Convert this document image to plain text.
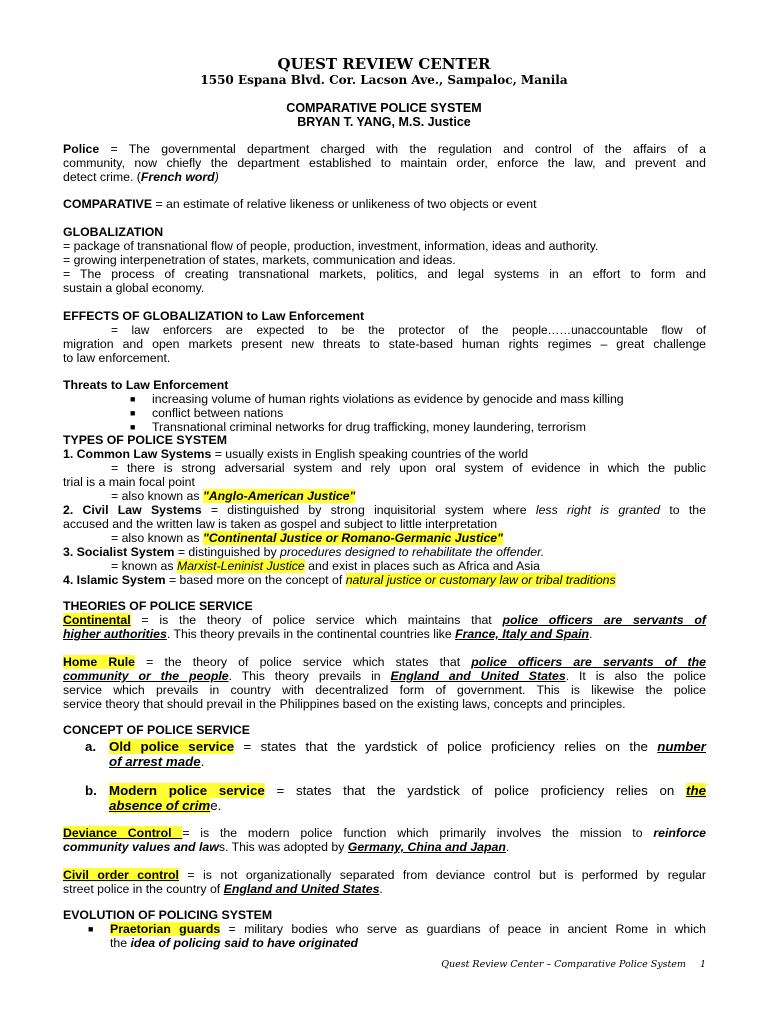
QUEST REVIEW CENTER
1550 Espana Blvd. Cor. Lacson Ave., Sampaloc, Manila
COMPARATIVE POLICE SYSTEM
BRYAN T. YANG, M.S. Justice
Police = The governmental department charged with the regulation and control of the affairs of a
community, now chiefly the department established to maintain order, enforce the law, and prevent and
detect crime. (French word)
COMPARATIVE = an estimate of relative likeness or unlikeness of two objects or event
GLOBALIZATION
= package of transnational flow of people, production, investment, information, ideas and authority.
= growing interpenetration of states, markets, communication and ideas.
= The process of creating transnational markets, politics, and legal systems in an effort to form and
sustain a global economy.
EFFECTS OF GLOBALIZATION to Law Enforcement
= law enforcers are expected to be the protector of the people……unaccountable flow of
migration and open markets present new threats to state-based human rights regimes – great challenge
to law enforcement.
Threats to Law Enforcement
■ increasing volume of human rights violations as evidence by genocide and mass killing
■ conflict between nations
■ Transnational criminal networks for drug trafficking, money laundering, terrorism
TYPES OF POLICE SYSTEM
1. Common Law Systems = usually exists in English speaking countries of the world
= there is strong adversarial system and rely upon oral system of evidence in which the public
trial is a main focal point
= also known as "Anglo-American Justice"
2. Civil Law Systems = distinguished by strong inquisitorial system where less right is granted to the
accused and the written law is taken as gospel and subject to little interpretation
= also known as "Continental Justice or Romano-Germanic Justice"
3. Socialist System = distinguished by procedures designed to rehabilitate the offender.
= known as Marxist-Leninist Justice and exist in places such as Africa and Asia
4. Islamic System = based more on the concept of natural justice or customary law or tribal traditions
THEORIES OF POLICE SERVICE
Continental = is the theory of police service which maintains that police officers are servants of
higher authorities. This theory prevails in the continental countries like France, Italy and Spain.
Home Rule = the theory of police service which states that police officers are servants of the
community or the people. This theory prevails in England and United States. It is also the police
service which prevails in country with decentralized form of government. This is likewise the police
service theory that should prevail in the Philippines based on the existing laws, concepts and principles.
CONCEPT OF POLICE SERVICE
a. Old police service = states that the yardstick of police proficiency relies on the number
of arrest made.
b. Modern police service = states that the yardstick of police proficiency relies on the
absence of crime.
Deviance Control = is the modern police function which primarily involves the mission to reinforce
community values and laws. This was adopted by Germany, China and Japan.
Civil order control = is not organizationally separated from deviance control but is performed by regular
street police in the country of England and United States.
EVOLUTION OF POLICING SYSTEM
■ Praetorian guards = military bodies who serve as guardians of peace in ancient Rome in which
the idea of policing said to have originated
Quest Review Center – Comparative Police System 1
